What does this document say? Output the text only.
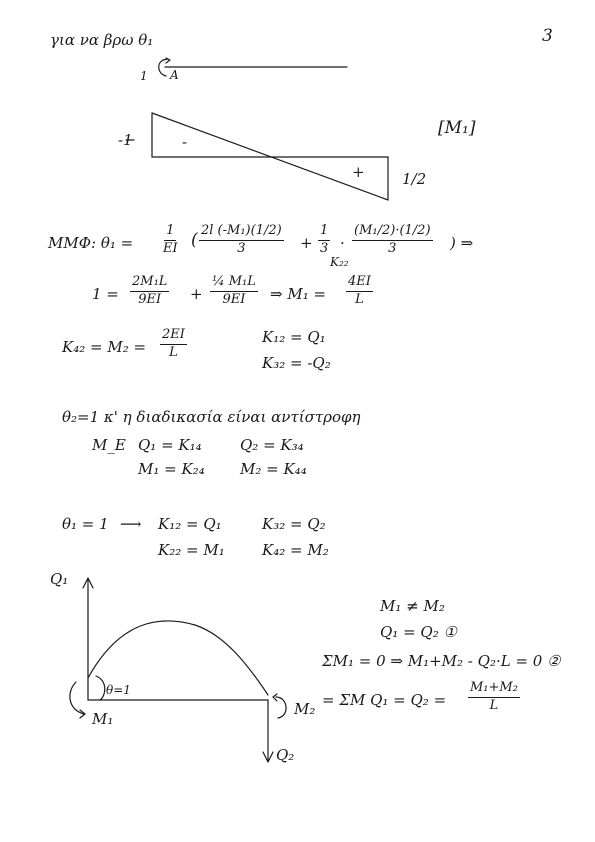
3
για να βρω θ₁
1 A
-1	-
+ 1/2
[M₁]
ΜΜΦ: $\theta_1 = \frac{1}{EI}$ ( $\frac{\text{2l (-M₁)(1/2)}}{3} + \frac{1}{3} \cdot \frac{\text{(M₁/2)·(1/2)}}{3}$ ) ⇒
$1 = \frac{\text{2M₁L}}{9EI} + \frac{\text{¼ M₁L}}{9EI}$ ⇒ M₁ =
K₂₂
$\frac{4EI}{L}$
$K_{42} = M_2 = \frac{2EI}{L}$	K₁₂ = Q₁
K₃₂ = -Q₂
θ₂=1 κ' η διαδικασία είναι αντίστροφη
M_E Q₁ = K₁₄	Q₂ = K₃₄
M₁ = K₂₄ M₂ = K₄₄
θ₁ = 1 ⟶ K₁₂ = Q₁	K₃₂ = Q₂
K₂₂ = M₁ K₄₂ = M₂
Q₁
M₁
θ=1
M₂
Q₂
M₁ ≠ M₂
Q₁ = Q₂ ①
ΣM₁ = 0 ⇒ M₁+M₂ - Q₂·L = 0 ②
= ΣM $Q_1 = Q_2 = \frac{\text{M₁+M₂}}{L}$
